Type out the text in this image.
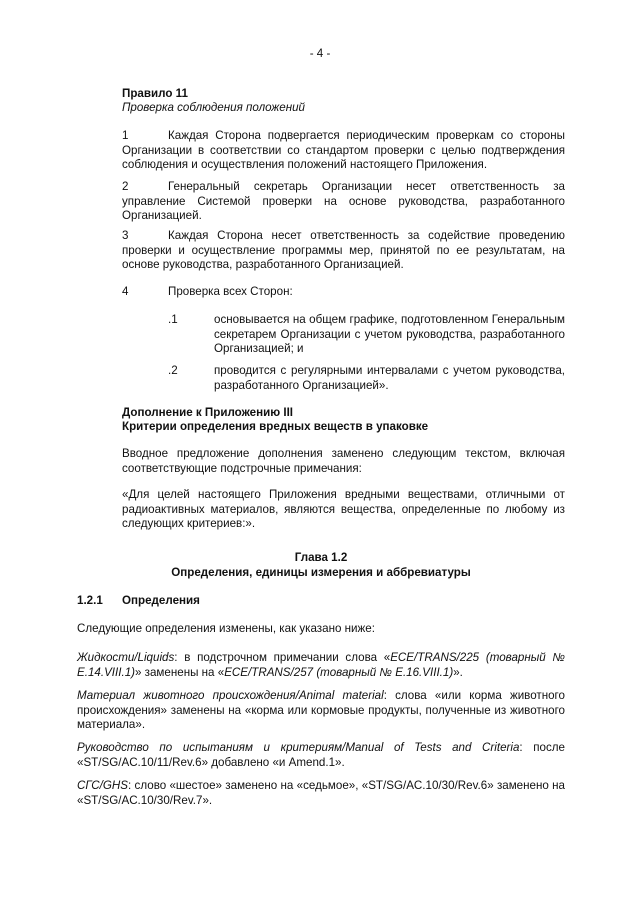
- 4 -
Правило 11
Проверка соблюдения положений
1	Каждая Сторона подвергается периодическим проверкам со стороны Организации в соответствии со стандартом проверки с целью подтверждения соблюдения и осуществления положений настоящего Приложения.
2	Генеральный секретарь Организации несет ответственность за управление Системой проверки на основе руководства, разработанного Организацией.
3	Каждая Сторона несет ответственность за содействие проведению проверки и осуществление программы мер, принятой по ее результатам, на основе руководства, разработанного Организацией.
4	Проверка всех Сторон:
.1	основывается на общем графике, подготовленном Генеральным секретарем Организации с учетом руководства, разработанного Организацией; и
.2	проводится с регулярными интервалами с учетом руководства, разработанного Организацией».
Дополнение к Приложению III
Критерии определения вредных веществ в упаковке
Вводное предложение дополнения заменено следующим текстом, включая соответствующие подстрочные примечания:
«Для целей настоящего Приложения вредными веществами, отличными от радиоактивных материалов, являются вещества, определенные по любому из следующих критериев:».
Глава 1.2
Определения, единицы измерения и аббревиатуры
1.2.1 Определения
Следующие определения изменены, как указано ниже:
Жидкости/Liquids: в подстрочном примечании слова «ECE/TRANS/225 (товарный № E.14.VIII.1)» заменены на «ECE/TRANS/257 (товарный № E.16.VIII.1)».
Материал животного происхождения/Animal material: слова «или корма животного происхождения» заменены на «корма или кормовые продукты, полученные из животного материала».
Руководство по испытаниям и критериям/Manual of Tests and Criteria: после «ST/SG/AC.10/11/Rev.6» добавлено «и Amend.1».
СГС/GHS: слово «шестое» заменено на «седьмое», «ST/SG/AC.10/30/Rev.6» заменено на «ST/SG/AC.10/30/Rev.7».
